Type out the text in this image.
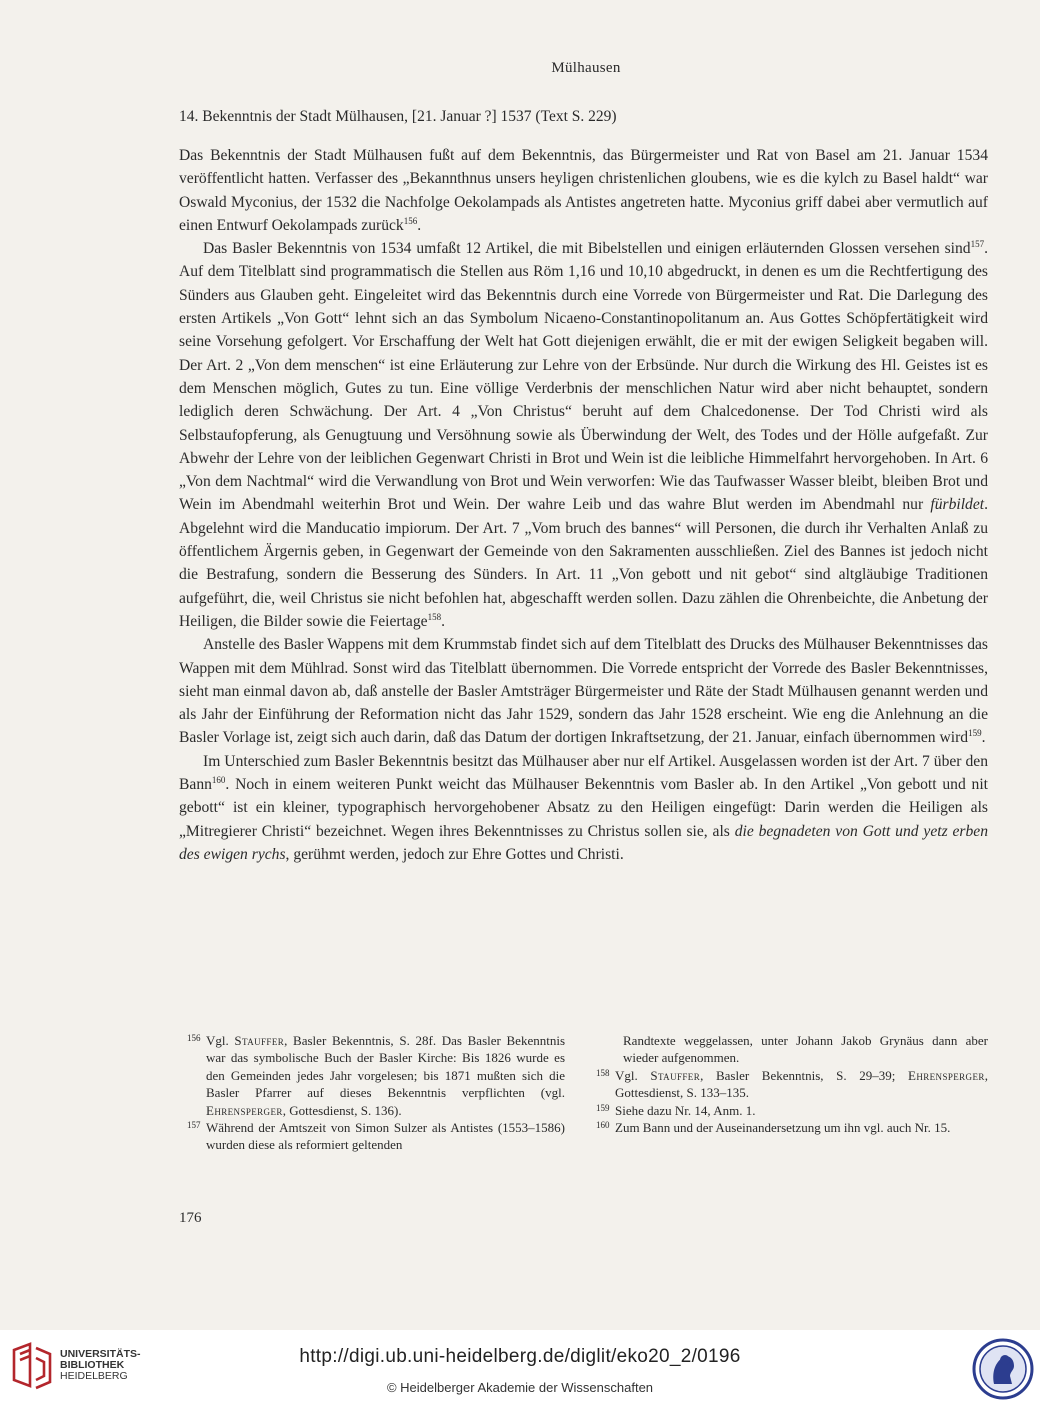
Mülhausen
14. Bekenntnis der Stadt Mülhausen, [21. Januar ?] 1537 (Text S. 229)

Das Bekenntnis der Stadt Mülhausen fußt auf dem Bekenntnis, das Bürgermeister und Rat von Basel am 21. Januar 1534 veröffentlicht hatten. Verfasser des „Bekannthnus unsers heyligen christenlichen gloubens, wie es die kylch zu Basel haldt“ war Oswald Myconius, der 1532 die Nachfolge Oekolampads als Antistes angetreten hatte. Myconius griff dabei aber vermutlich auf einen Entwurf Oekolampads zurück$^{156}$.

Das Basler Bekenntnis von 1534 umfaßt 12 Artikel, die mit Bibelstellen und einigen erläuternden Glossen versehen sind$^{157}$. Auf dem Titelblatt sind programmatisch die Stellen aus Röm 1,16 und 10,10 abgedruckt, in denen es um die Rechtfertigung des Sünders aus Glauben geht. Eingeleitet wird das Bekenntnis durch eine Vorrede von Bürgermeister und Rat. Die Darlegung des ersten Artikels „Von Gott“ lehnt sich an das Symbolum Nicaeno-Constantinopolitanum an. Aus Gottes Schöpfertätigkeit wird seine Vorsehung gefolgert. Vor Erschaffung der Welt hat Gott diejenigen erwählt, die er mit der ewigen Seligkeit begaben will. Der Art. 2 „Von dem menschen“ ist eine Erläuterung zur Lehre von der Erbsünde. Nur durch die Wirkung des Hl. Geistes ist es dem Menschen möglich, Gutes zu tun. Eine völlige Verderbnis der menschlichen Natur wird aber nicht behauptet, sondern lediglich deren Schwächung. Der Art. 4 „Von Christus“ beruht auf dem Chalcedonense. Der Tod Christi wird als Selbstaufopferung, als Genugtuung und Versöhnung sowie als Überwindung der Welt, des Todes und der Hölle aufgefaßt. Zur Abwehr der Lehre von der leiblichen Gegenwart Christi in Brot und Wein ist die leibliche Himmelfahrt hervorgehoben. In Art. 6 „Von dem Nachtmal“ wird die Verwandlung von Brot und Wein verworfen: Wie das Taufwasser Wasser bleibt, bleiben Brot und Wein im Abendmahl weiterhin Brot und Wein. Der wahre Leib und das wahre Blut werden im Abendmahl nur fürbildet. Abgelehnt wird die Manducatio impiorum. Der Art. 7 „Vom bruch des bannes“ will Personen, die durch ihr Verhalten Anlaß zu öffentlichem Ärgernis geben, in Gegenwart der Gemeinde von den Sakramenten ausschließen. Ziel des Bannes ist jedoch nicht die Bestrafung, sondern die Besserung des Sünders. In Art. 11 „Von gebott und nit gebot“ sind altgläubige Traditionen aufgeführt, die, weil Christus sie nicht befohlen hat, abgeschafft werden sollen. Dazu zählen die Ohrenbeichte, die Anbetung der Heiligen, die Bilder sowie die Feiertage$^{158}$.

Anstelle des Basler Wappens mit dem Krummstab findet sich auf dem Titelblatt des Drucks des Mülhauser Bekenntnisses das Wappen mit dem Mühlrad. Sonst wird das Titelblatt übernommen. Die Vorrede entspricht der Vorrede des Basler Bekenntnisses, sieht man einmal davon ab, daß anstelle der Basler Amtsträger Bürgermeister und Räte der Stadt Mülhausen genannt werden und als Jahr der Einführung der Reformation nicht das Jahr 1529, sondern das Jahr 1528 erscheint. Wie eng die Anlehnung an die Basler Vorlage ist, zeigt sich auch darin, daß das Datum der dortigen Inkraftsetzung, der 21. Januar, einfach übernommen wird$^{159}$.

Im Unterschied zum Basler Bekenntnis besitzt das Mülhauser aber nur elf Artikel. Ausgelassen worden ist der Art. 7 über den Bann$^{160}$. Noch in einem weiteren Punkt weicht das Mülhauser Bekenntnis vom Basler ab. In den Artikel „Von gebott und nit gebott“ ist ein kleiner, typographisch hervorgehobener Absatz zu den Heiligen eingefügt: Darin werden die Heiligen als „Mitregierer Christi“ bezeichnet. Wegen ihres Bekenntnisses zu Christus sollen sie, als die begnadeten von Gott und yetz erben des ewigen rychs, gerühmt werden, jedoch zur Ehre Gottes und Christi.

156 Vgl. Stauffer, Basler Bekenntnis, S. 28f. Das Basler Bekenntnis war das symbolische Buch der Basler Kirche: Bis 1826 wurde es den Gemeinden jedes Jahr vorgelesen; bis 1871 mußten sich die Basler Pfarrer auf dieses Bekenntnis verpflichten (vgl. Ehrensperger, Gottesdienst, S. 136).
157 Während der Amtszeit von Simon Sulzer als Antistes (1553–1586) wurden diese als reformiert geltenden
Randtexte weggelassen, unter Johann Jakob Grynäus dann aber wieder aufgenommen.
158 Vgl. Stauffer, Basler Bekenntnis, S. 29–39; Ehrensperger, Gottesdienst, S. 133–135.
159 Siehe dazu Nr. 14, Anm. 1.
160 Zum Bann und der Auseinandersetzung um ihn vgl. auch Nr. 15.
176
UNIVERSITÄTS-
BIBLIOTHEK
HEIDELBERG
http://digi.ub.uni-heidelberg.de/diglit/eko20_2/0196
© Heidelberger Akademie der Wissenschaften
